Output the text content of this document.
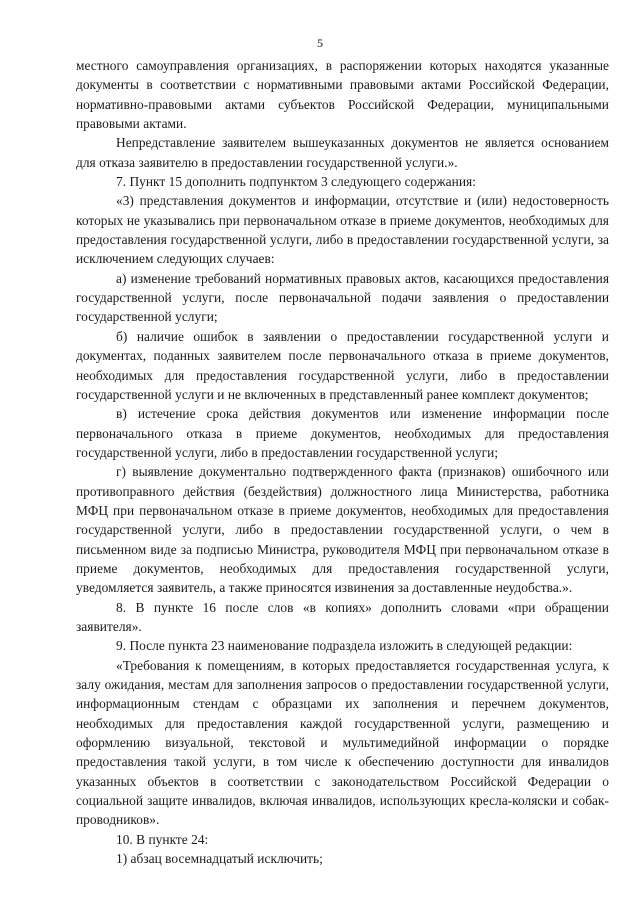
5

местного самоуправления организациях, в распоряжении которых находятся указанные документы в соответствии с нормативными правовыми актами Российской Федерации, нормативно-правовыми актами субъектов Российской Федерации, муниципальными правовыми актами.

Непредставление заявителем вышеуказанных документов не является основанием для отказа заявителю в предоставлении государственной услуги.».

7. Пункт 15 дополнить подпунктом 3 следующего содержания:

«3) представления документов и информации, отсутствие и (или) недостоверность которых не указывались при первоначальном отказе в приеме документов, необходимых для предоставления государственной услуги, либо в предоставлении государственной услуги, за исключением следующих случаев:

а) изменение требований нормативных правовых актов, касающихся предоставления государственной услуги, после первоначальной подачи заявления о предоставлении государственной услуги;

б) наличие ошибок в заявлении о предоставлении государственной услуги и документах, поданных заявителем после первоначального отказа в приеме документов, необходимых для предоставления государственной услуги, либо в предоставлении государственной услуги и не включенных в представленный ранее комплект документов;

в) истечение срока действия документов или изменение информации после первоначального отказа в приеме документов, необходимых для предоставления государственной услуги, либо в предоставлении государственной услуги;

г) выявление документально подтвержденного факта (признаков) ошибочного или противоправного действия (бездействия) должностного лица Министерства, работника МФЦ при первоначальном отказе в приеме документов, необходимых для предоставления государственной услуги, либо в предоставлении государственной услуги, о чем в письменном виде за подписью Министра, руководителя МФЦ при первоначальном отказе в приеме документов, необходимых для предоставления государственной услуги, уведомляется заявитель, а также приносятся извинения за доставленные неудобства.».

8. В пункте 16 после слов «в копиях» дополнить словами «при обращении заявителя».

9. После пункта 23 наименование подраздела изложить в следующей редакции:

«Требования к помещениям, в которых предоставляется государственная услуга, к залу ожидания, местам для заполнения запросов о предоставлении государственной услуги, информационным стендам с образцами их заполнения и перечнем документов, необходимых для предоставления каждой государственной услуги, размещению и оформлению визуальной, текстовой и мультимедийной информации о порядке предоставления такой услуги, в том числе к обеспечению доступности для инвалидов указанных объектов в соответствии с законодательством Российской Федерации о социальной защите инвалидов, включая инвалидов, использующих кресла-коляски и собак-проводников».

10. В пункте 24:

1) абзац восемнадцатый исключить;
